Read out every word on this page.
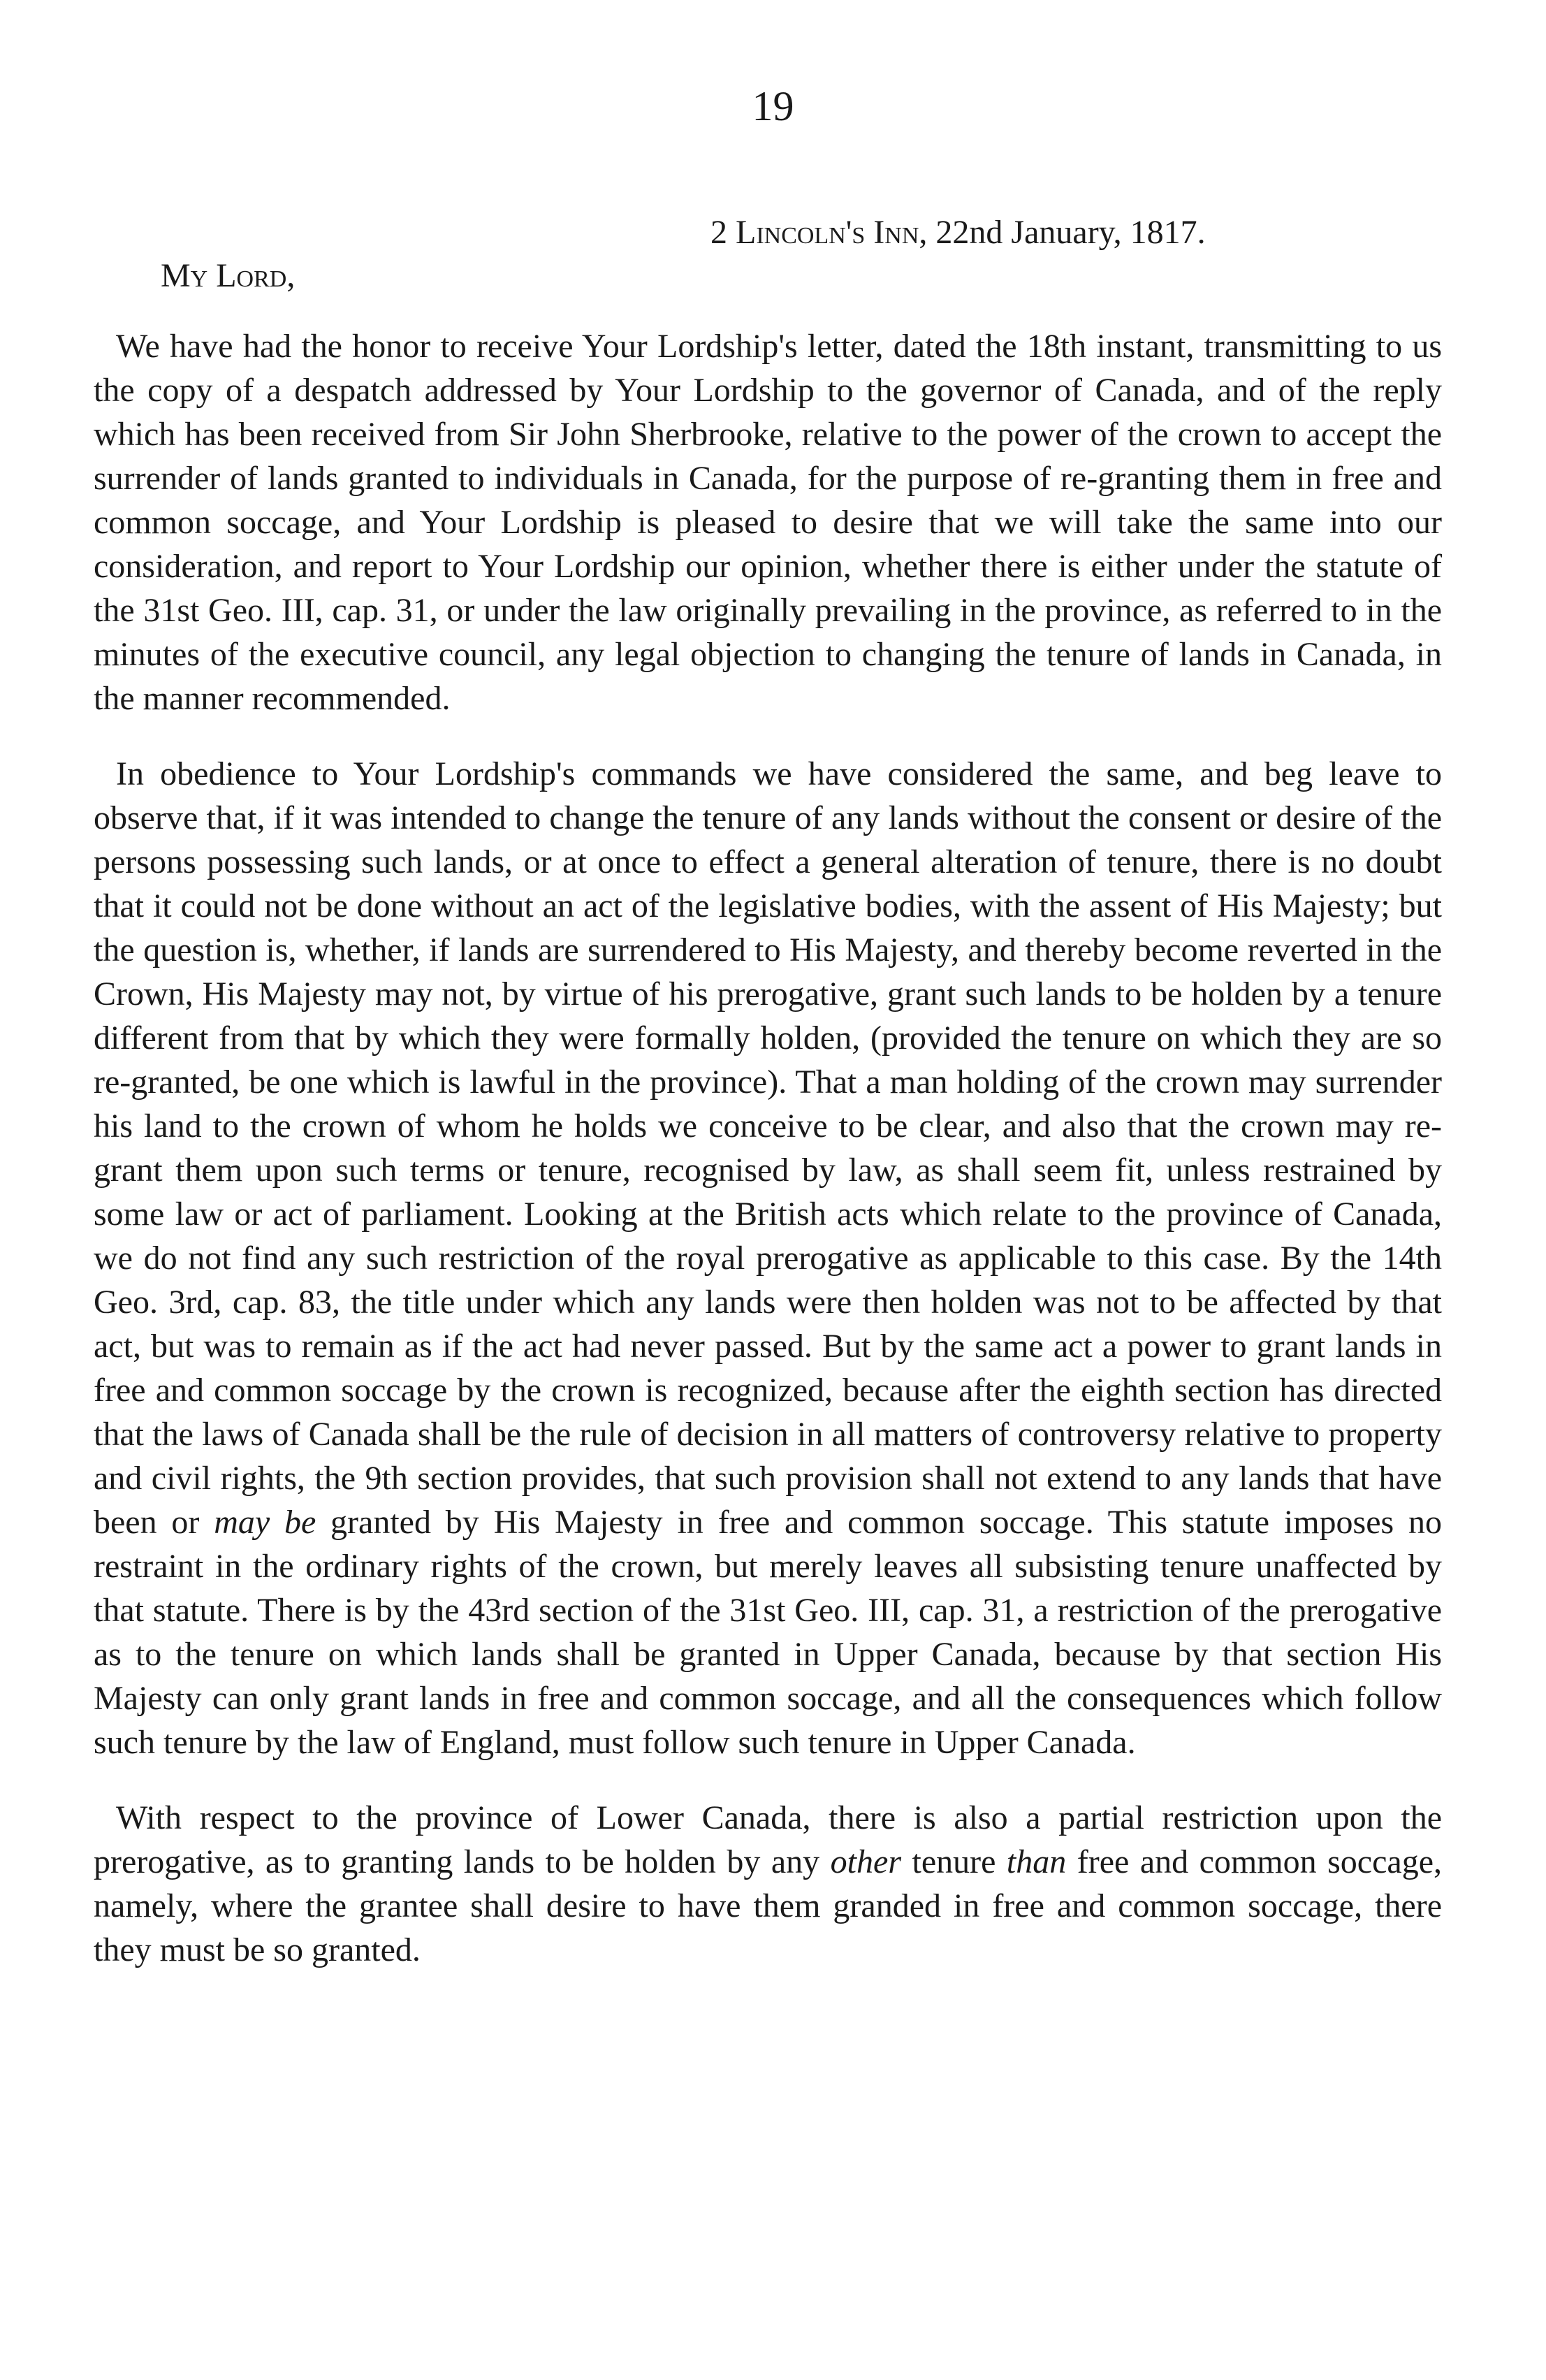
19
2 Lincoln's Inn, 22nd January, 1817.
My Lord,

We have had the honor to receive Your Lordship's letter, dated the 18th instant, transmitting to us the copy of a despatch addressed by Your Lordship to the governor of Canada, and of the reply which has been received from Sir John Sherbrooke, relative to the power of the crown to accept the surrender of lands granted to individuals in Canada, for the purpose of re-granting them in free and common soccage, and Your Lordship is pleased to desire that we will take the same into our consideration, and report to Your Lordship our opinion, whether there is either under the statute of the 31st Geo. III, cap. 31, or under the law originally prevailing in the province, as referred to in the minutes of the executive council, any legal objection to changing the tenure of lands in Canada, in the manner recommended.

In obedience to Your Lordship's commands we have considered the same, and beg leave to observe that, if it was intended to change the tenure of any lands without the consent or desire of the persons possessing such lands, or at once to effect a general alteration of tenure, there is no doubt that it could not be done without an act of the legislative bodies, with the assent of His Majesty; but the question is, whether, if lands are surrendered to His Majesty, and thereby become reverted in the Crown, His Majesty may not, by virtue of his prerogative, grant such lands to be holden by a tenure different from that by which they were formally holden, (provided the tenure on which they are so re-granted, be one which is lawful in the province). That a man holding of the crown may surrender his land to the crown of whom he holds we conceive to be clear, and also that the crown may re-grant them upon such terms or tenure, recognised by law, as shall seem fit, unless restrained by some law or act of parliament. Looking at the British acts which relate to the province of Canada, we do not find any such restriction of the royal prerogative as applicable to this case. By the 14th Geo. 3rd, cap. 83, the title under which any lands were then holden was not to be affected by that act, but was to remain as if the act had never passed. But by the same act a power to grant lands in free and common soccage by the crown is recognized, because after the eighth section has directed that the laws of Canada shall be the rule of decision in all matters of controversy relative to property and civil rights, the 9th section provides, that such provision shall not extend to any lands that have been or may be granted by His Majesty in free and common soccage. This statute imposes no restraint in the ordinary rights of the crown, but merely leaves all subsisting tenure unaffected by that statute. There is by the 43rd section of the 31st Geo. III, cap. 31, a restriction of the prerogative as to the tenure on which lands shall be granted in Upper Canada, because by that section His Majesty can only grant lands in free and common soccage, and all the consequences which follow such tenure by the law of England, must follow such tenure in Upper Canada.

With respect to the province of Lower Canada, there is also a partial restriction upon the prerogative, as to granting lands to be holden by any other tenure than free and common soccage, namely, where the grantee shall desire to have them granded in free and common soccage, there they must be so granted.
